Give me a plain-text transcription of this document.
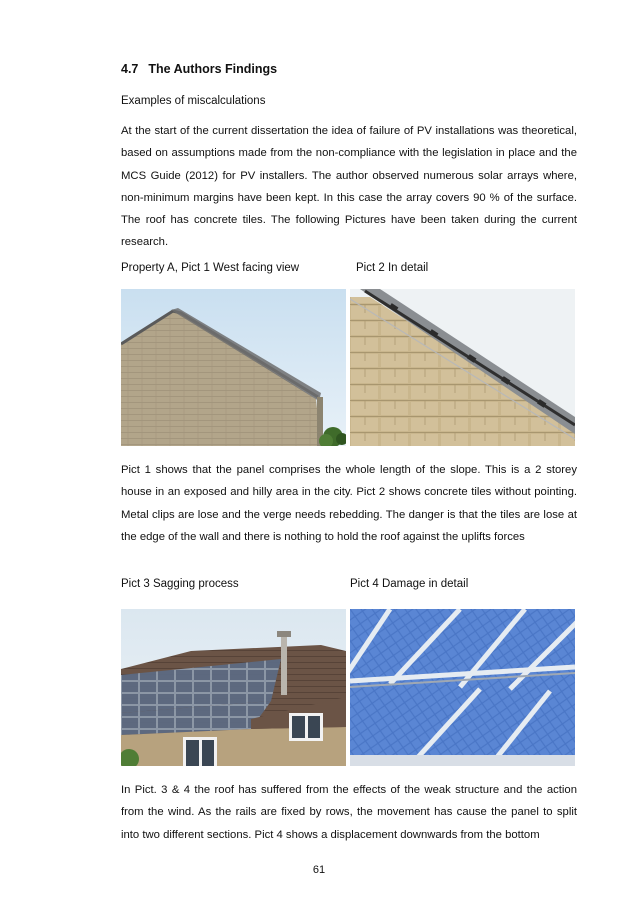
4.7 The Authors Findings
Examples of miscalculations
At the start of the current dissertation the idea of failure of PV installations was theoretical, based on assumptions made from the non-compliance with the legislation in place and the MCS Guide (2012) for PV installers. The author observed numerous solar arrays where, non-minimum margins have been kept. In this case the array covers 90 % of the surface. The roof has concrete tiles. The following Pictures have been taken during the current research.
Property A, Pict 1 West facing view	Pict 2 In detail
Pict 1 shows that the panel comprises the whole length of the slope. This is a 2 storey house in an exposed and hilly area in the city. Pict 2 shows concrete tiles without pointing. Metal clips are lose and the verge needs rebedding. The danger is that the tiles are lose at the edge of the wall and there is nothing to hold the roof against the uplifts forces
Pict 3 Sagging process	Pict 4 Damage in detail
In Pict. 3 & 4 the roof has suffered from the effects of the weak structure and the action from the wind. As the rails are fixed by rows, the movement has cause the panel to split into two different sections. Pict 4 shows a displacement downwards from the bottom
61
